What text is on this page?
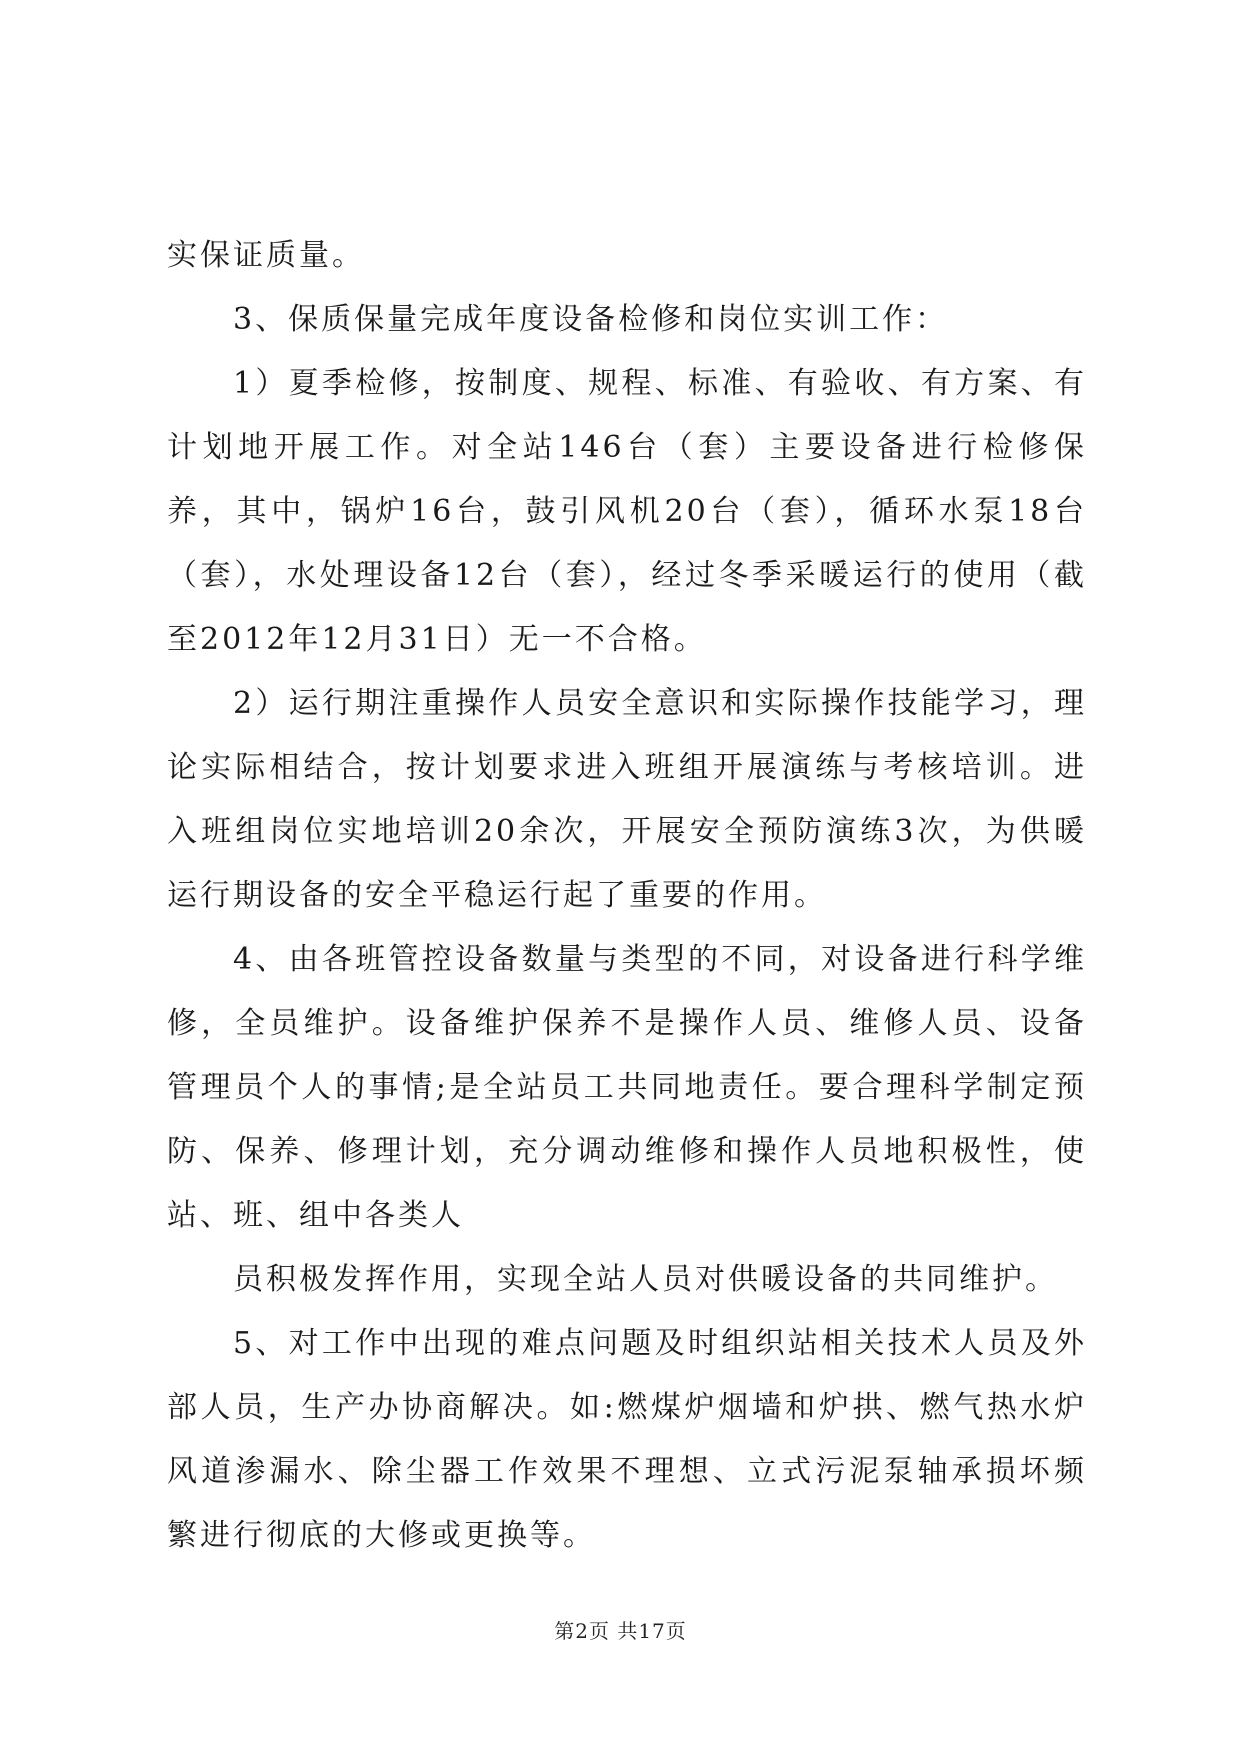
实保证质量。

3、保质保量完成年度设备检修和岗位实训工作：

1）夏季检修，按制度、规程、标准、有验收、有方案、有计划地开展工作。对全站146台（套）主要设备进行检修保养，其中，锅炉16台，鼓引风机20台（套），循环水泵18台（套），水处理设备12台（套），经过冬季采暖运行的使用（截至2012年12月31日）无一不合格。

2）运行期注重操作人员安全意识和实际操作技能学习，理论实际相结合，按计划要求进入班组开展演练与考核培训。进入班组岗位实地培训20余次，开展安全预防演练3次，为供暖运行期设备的安全平稳运行起了重要的作用。

4、由各班管控设备数量与类型的不同，对设备进行科学维修，全员维护。设备维护保养不是操作人员、维修人员、设备管理员个人的事情;是全站员工共同地责任。要合理科学制定预防、保养、修理计划，充分调动维修和操作人员地积极性，使站、班、组中各类人

员积极发挥作用，实现全站人员对供暖设备的共同维护。

5、对工作中出现的难点问题及时组织站相关技术人员及外部人员，生产办协商解决。如:燃煤炉烟墙和炉拱、燃气热水炉风道渗漏水、除尘器工作效果不理想、立式污泥泵轴承损坏频繁进行彻底的大修或更换等。

第2页 共17页
